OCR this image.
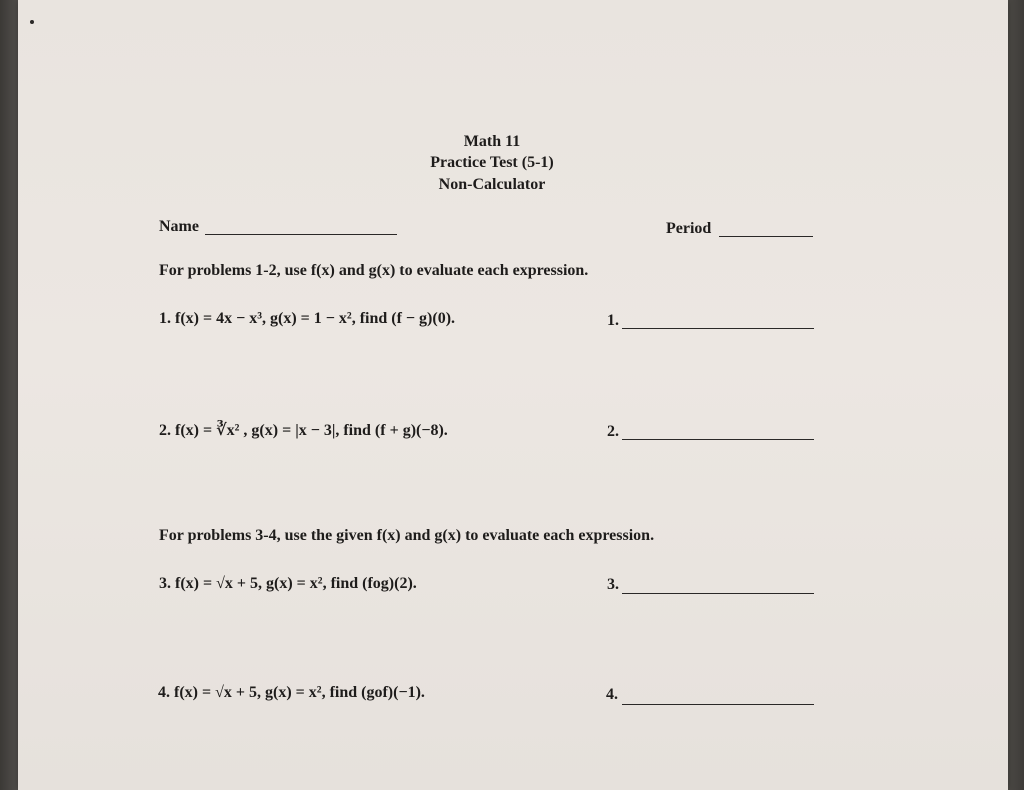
Math 11
Practice Test (5-1)
Non-Calculator
Name	Period
For problems 1-2, use f(x) and g(x) to evaluate each expression.
1. f(x) = 4x − x³, g(x) = 1 − x², find (f − g)(0).	1.
2. f(x) = ∛x² , g(x) = |x − 3|, find (f + g)(−8).	2.
For problems 3-4, use the given f(x) and g(x) to evaluate each expression.
3. f(x) = √x + 5, g(x) = x², find (fog)(2).	3.
4. f(x) = √x + 5, g(x) = x², find (gof)(−1).	4.
